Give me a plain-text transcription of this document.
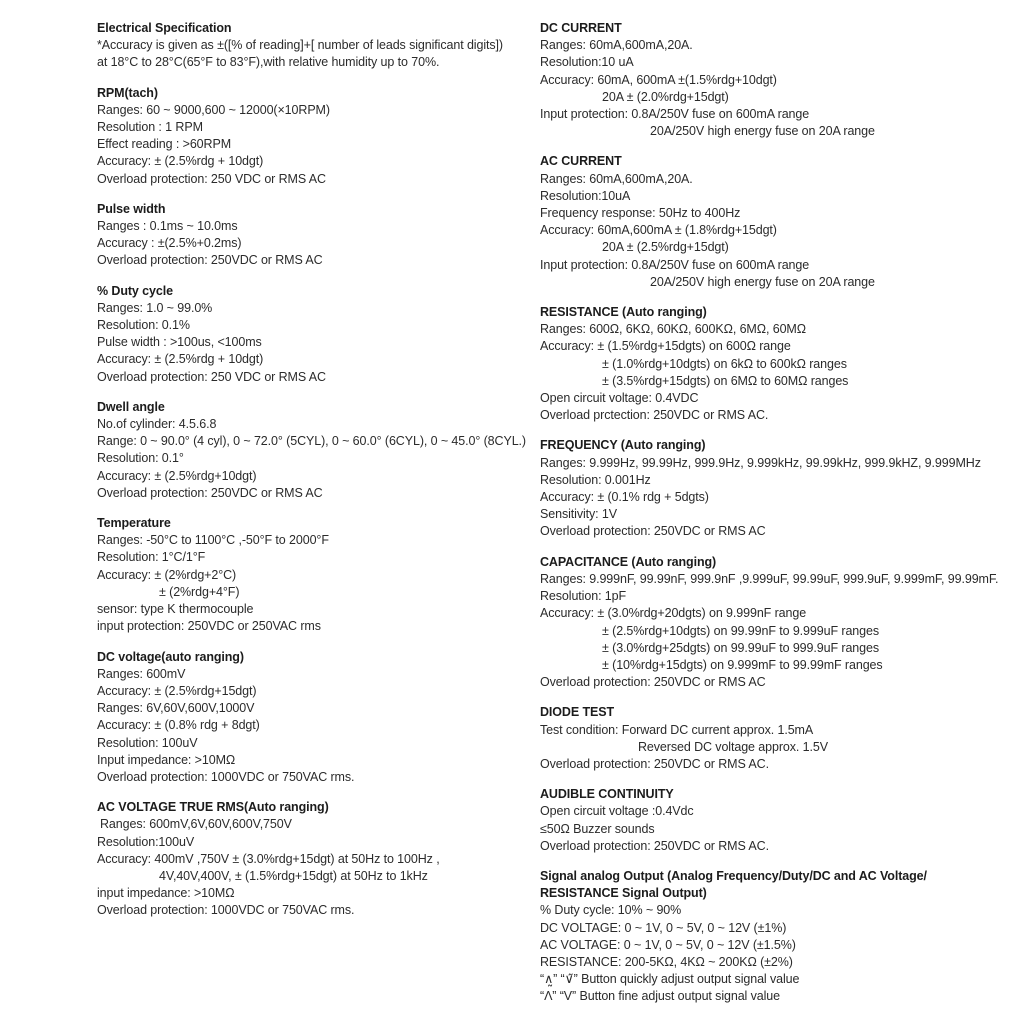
Electrical Specification
*Accuracy is given as ±([% of reading]+[ number of leads significant digits])
at 18°C to 28°C(65°F to 83°F),with relative humidity up to 70%.
RPM(tach)
Ranges: 60 ~ 9000,600 ~ 12000(×10RPM)
Resolution : 1 RPM
Effect reading : >60RPM
Accuracy: ± (2.5%rdg + 10dgt)
Overload protection: 250 VDC or RMS AC
Pulse width
Ranges : 0.1ms ~ 10.0ms
Accuracy : ±(2.5%+0.2ms)
Overload protection: 250VDC or RMS AC
% Duty cycle
Ranges: 1.0 ~ 99.0%
Resolution: 0.1%
Pulse width : >100us, <100ms
Accuracy: ± (2.5%rdg + 10dgt)
Overload protection: 250 VDC or RMS AC
Dwell angle
No.of cylinder: 4.5.6.8
Range: 0 ~ 90.0° (4 cyl), 0 ~ 72.0° (5CYL), 0 ~ 60.0° (6CYL), 0 ~ 45.0° (8CYL.)
Resolution: 0.1°
Accuracy: ± (2.5%rdg+10dgt)
Overload protection: 250VDC or RMS AC
Temperature
Ranges: -50°C to 1100°C ,-50°F to 2000°F
Resolution: 1°C/1°F
Accuracy: ± (2%rdg+2°C)
± (2%rdg+4°F)
sensor: type K thermocouple
input protection: 250VDC or 250VAC rms
DC voltage(auto ranging)
Ranges: 600mV
Accuracy: ± (2.5%rdg+15dgt)
Ranges: 6V,60V,600V,1000V
Accuracy: ± (0.8% rdg + 8dgt)
Resolution: 100uV
Input impedance: >10MΩ
Overload protection: 1000VDC or 750VAC rms.
AC VOLTAGE TRUE RMS(Auto ranging)
Ranges: 600mV,6V,60V,600V,750V
Resolution:100uV
Accuracy: 400mV ,750V ± (3.0%rdg+15dgt) at 50Hz to 100Hz ,
4V,40V,400V, ± (1.5%rdg+15dgt) at 50Hz to 1kHz
input impedance: >10MΩ
Overload protection: 1000VDC or 750VAC rms.
DC CURRENT
Ranges: 60mA,600mA,20A.
Resolution:10 uA
Accuracy: 60mA, 600mA ±(1.5%rdg+10dgt)
20A ± (2.0%rdg+15dgt)
Input protection: 0.8A/250V fuse on 600mA range
20A/250V high energy fuse on 20A range
AC CURRENT
Ranges: 60mA,600mA,20A.
Resolution:10uA
Frequency response: 50Hz to 400Hz
Accuracy: 60mA,600mA ± (1.8%rdg+15dgt)
20A ± (2.5%rdg+15dgt)
Input protection: 0.8A/250V fuse on 600mA range
20A/250V high energy fuse on 20A range
RESISTANCE (Auto ranging)
Ranges: 600Ω, 6KΩ, 60KΩ, 600KΩ, 6MΩ, 60MΩ
Accuracy: ± (1.5%rdg+15dgts) on 600Ω range
± (1.0%rdg+10dgts) on 6kΩ to 600kΩ ranges
± (3.5%rdg+15dgts) on 6MΩ to 60MΩ ranges
Open circuit voltage: 0.4VDC
Overload prctection: 250VDC or RMS AC.
FREQUENCY (Auto ranging)
Ranges: 9.999Hz, 99.99Hz, 999.9Hz, 9.999kHz, 99.99kHz, 999.9kHZ, 9.999MHz
Resolution: 0.001Hz
Accuracy: ± (0.1% rdg + 5dgts)
Sensitivity: 1V
Overload protection: 250VDC or RMS AC
CAPACITANCE (Auto ranging)
Ranges: 9.999nF, 99.99nF, 999.9nF ,9.999uF, 99.99uF, 999.9uF, 9.999mF, 99.99mF.
Resolution: 1pF
Accuracy: ± (3.0%rdg+20dgts) on 9.999nF range
± (2.5%rdg+10dgts) on 99.99nF to 9.999uF ranges
± (3.0%rdg+25dgts) on 99.99uF to 999.9uF ranges
± (10%rdg+15dgts) on 9.999mF to 99.99mF ranges
Overload protection: 250VDC or RMS AC
DIODE TEST
Test condition: Forward DC current approx. 1.5mA
Reversed DC voltage approx. 1.5V
Overload protection: 250VDC or RMS AC.
AUDIBLE CONTINUITY
Open circuit voltage :0.4Vdc
≤50Ω Buzzer sounds
Overload protection: 250VDC or RMS AC.
Signal analog Output (Analog Frequency/Duty/DC and AC Voltage/
RESISTANCE Signal Output)
% Duty cycle: 10% ~ 90%
DC VOLTAGE: 0 ~ 1V, 0 ~ 5V, 0 ~ 12V (±1%)
AC VOLTAGE: 0 ~ 1V, 0 ~ 5V, 0 ~ 12V (±1.5%)
RESISTANCE: 200-5KΩ, 4KΩ ~ 200KΩ (±2%)
“∧̰” “∨̃” Button quickly adjust output signal value
“Λ” “V” Button fine adjust output signal value
